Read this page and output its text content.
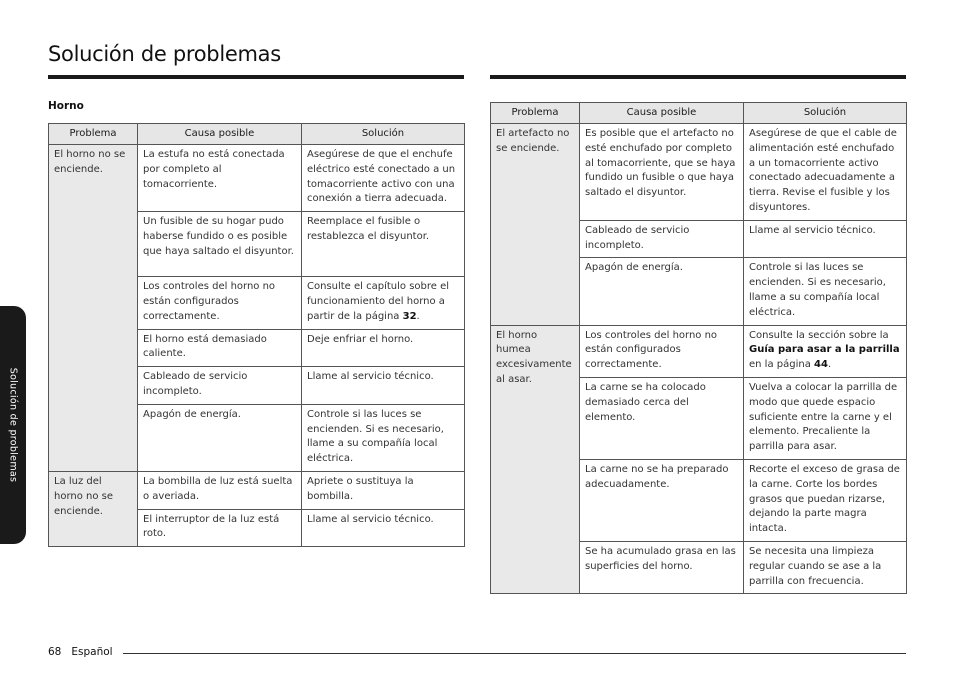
Solución de problemas
Horno
Solución de problemas
Problema	Causa posible	Solución
El horno no se enciende.	La estufa no está conectada por completo al tomacorriente.	Asegúrese de que el enchufe eléctrico esté conectado a un tomacorriente activo con una conexión a tierra adecuada.
	Un fusible de su hogar pudo haberse fundido o es posible que haya saltado el disyuntor.	Reemplace el fusible o restablezca el disyuntor.
	Los controles del horno no están configurados correctamente.	Consulte el capítulo sobre el funcionamiento del horno a partir de la página 32.
	El horno está demasiado caliente.	Deje enfriar el horno.
	Cableado de servicio incompleto.	Llame al servicio técnico.
	Apagón de energía.	Controle si las luces se encienden. Si es necesario, llame a su compañía local eléctrica.
La luz del horno no se enciende.	La bombilla de luz está suelta o averiada.	Apriete o sustituya la bombilla.
	El interruptor de la luz está roto.	Llame al servicio técnico.
Problema	Causa posible	Solución
El artefacto no se enciende.	Es posible que el artefacto no esté enchufado por completo al tomacorriente, que se haya fundido un fusible o que haya saltado el disyuntor.	Asegúrese de que el cable de alimentación esté enchufado a un tomacorriente activo conectado adecuadamente a tierra. Revise el fusible y los disyuntores.
	Cableado de servicio incompleto.	Llame al servicio técnico.
	Apagón de energía.	Controle si las luces se encienden. Si es necesario, llame a su compañía local eléctrica.
El horno humea excesivamente al asar.	Los controles del horno no están configurados correctamente.	Consulte la sección sobre la Guía para asar a la parrilla en la página 44.
	La carne se ha colocado demasiado cerca del elemento.	Vuelva a colocar la parrilla de modo que quede espacio suficiente entre la carne y el elemento. Precaliente la parrilla para asar.
	La carne no se ha preparado adecuadamente.	Recorte el exceso de grasa de la carne. Corte los bordes grasos que puedan rizarse, dejando la parte magra intacta.
	Se ha acumulado grasa en las superficies del horno.	Se necesita una limpieza regular cuando se ase a la parrilla con frecuencia.
68 Español
